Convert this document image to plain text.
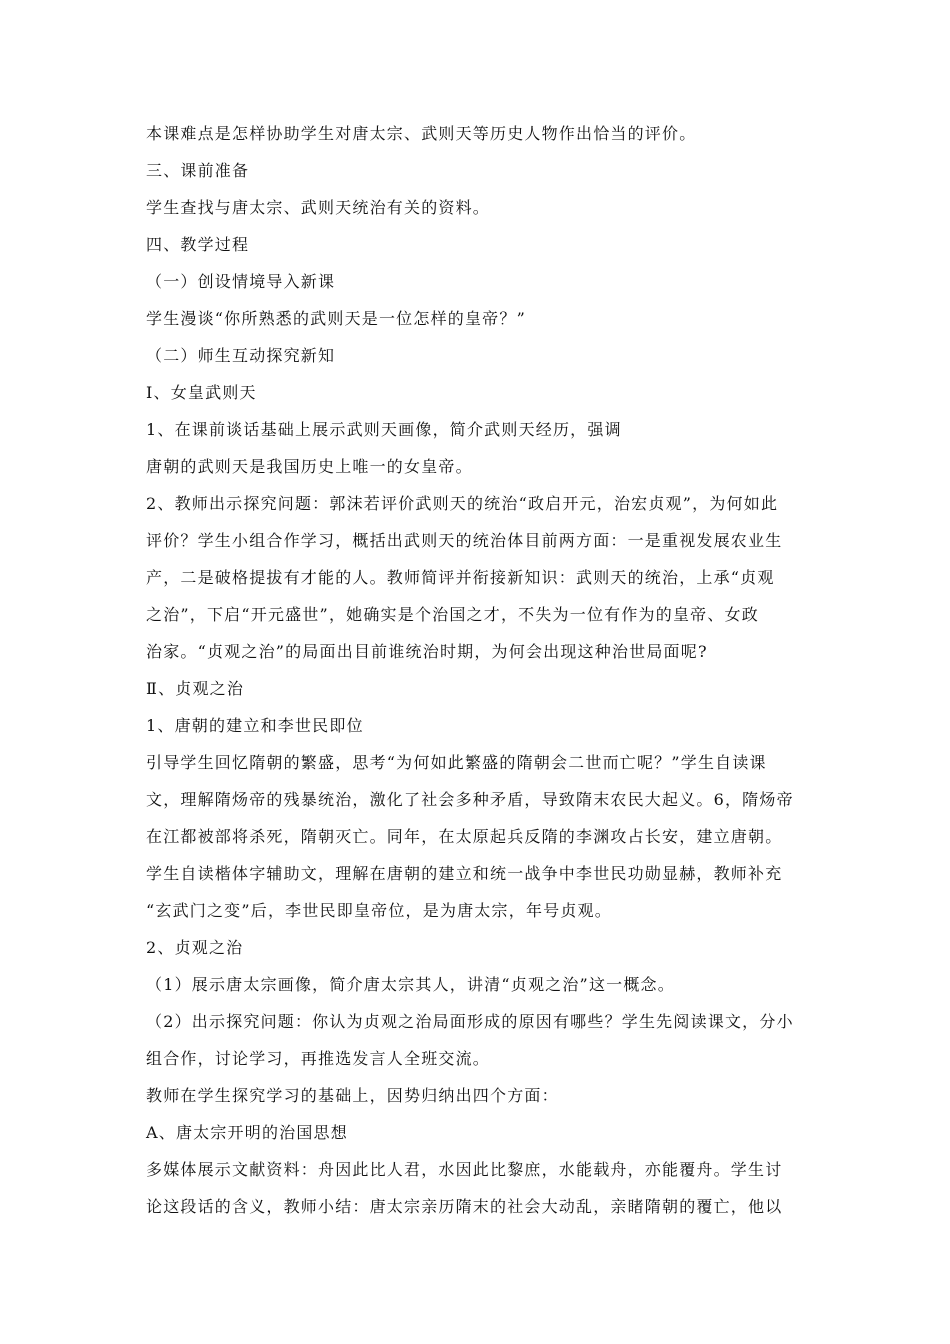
本课难点是怎样协助学生对唐太宗、武则天等历史人物作出恰当的评价。
三、课前准备
学生查找与唐太宗、武则天统治有关的资料。
四、教学过程
（一）创设情境导入新课
学生漫谈“你所熟悉的武则天是一位怎样的皇帝？”
（二）师生互动探究新知
Ⅰ、女皇武则天
1、在课前谈话基础上展示武则天画像，简介武则天经历，强调
唐朝的武则天是我国历史上唯一的女皇帝。
2、教师出示探究问题：郭沫若评价武则天的统治“政启开元，治宏贞观”，为何如此
评价？学生小组合作学习，概括出武则天的统治体目前两方面：一是重视发展农业生
产，二是破格提拔有才能的人。教师简评并衔接新知识：武则天的统治，上承“贞观
之治”，下启“开元盛世”，她确实是个治国之才，不失为一位有作为的皇帝、女政
治家。“贞观之治”的局面出目前谁统治时期，为何会出现这种治世局面呢?
Ⅱ、贞观之治
1、唐朝的建立和李世民即位
引导学生回忆隋朝的繁盛，思考“为何如此繁盛的隋朝会二世而亡呢？”学生自读课
文，理解隋炀帝的残暴统治，激化了社会多种矛盾，导致隋末农民大起义。6，隋炀帝
在江都被部将杀死，隋朝灭亡。同年，在太原起兵反隋的李渊攻占长安，建立唐朝。
学生自读楷体字辅助文，理解在唐朝的建立和统一战争中李世民功勋显赫，教师补充
“玄武门之变”后，李世民即皇帝位，是为唐太宗，年号贞观。
2、贞观之治
（1）展示唐太宗画像，简介唐太宗其人，讲清“贞观之治”这一概念。
（2）出示探究问题：你认为贞观之治局面形成的原因有哪些？学生先阅读课文，分小
组合作，讨论学习，再推选发言人全班交流。
教师在学生探究学习的基础上，因势归纳出四个方面：
A、唐太宗开明的治国思想
多媒体展示文献资料：舟因此比人君，水因此比黎庶，水能载舟，亦能覆舟。学生讨
论这段话的含义，教师小结：唐太宗亲历隋末的社会大动乱，亲睹隋朝的覆亡，他以
